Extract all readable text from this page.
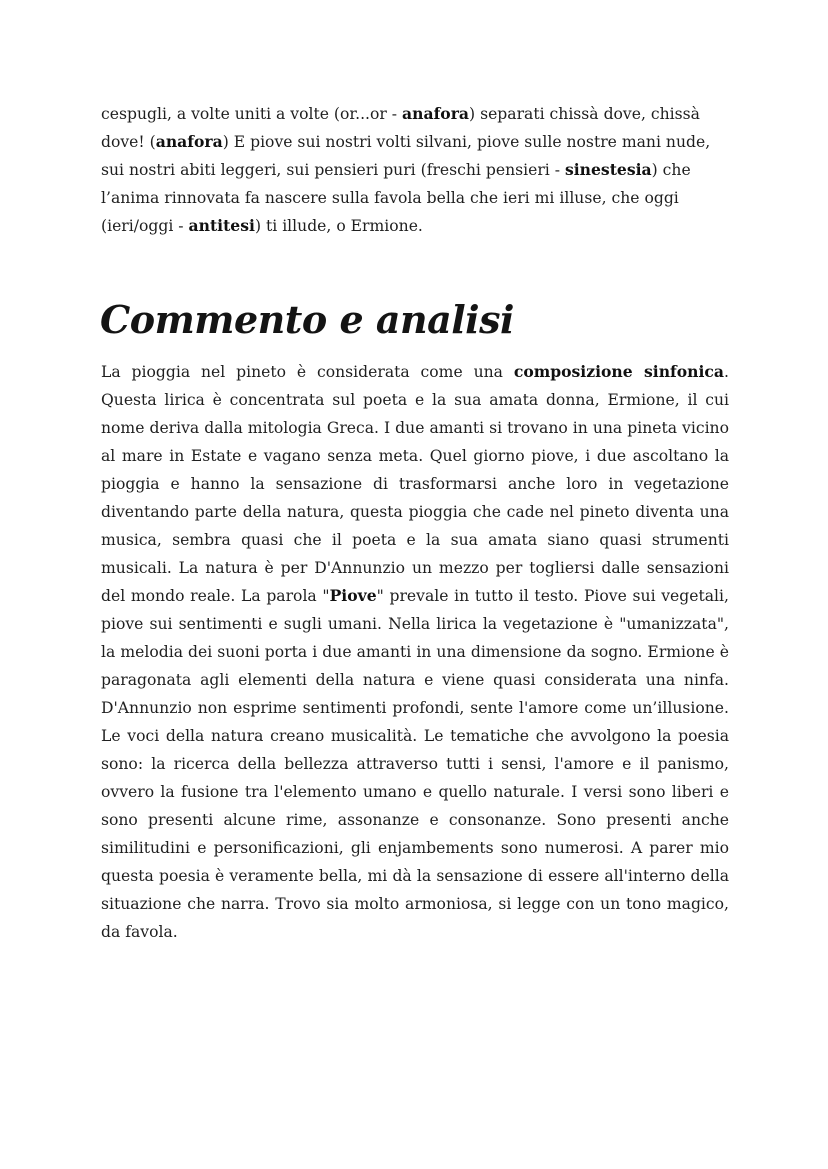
cespugli, a volte uniti a volte (or...or - anafora) separati chissà dove, chissà dove! (anafora) E piove sui nostri volti silvani, piove sulle nostre mani nude, sui nostri abiti leggeri, sui pensieri puri (freschi pensieri - sinestesia) che l’anima rinnovata fa nascere sulla favola bella che ieri mi illuse, che oggi (ieri/oggi - antitesi) ti illude, o Ermione.

Commento e analisi

La pioggia nel pineto è considerata come una composizione sinfonica. Questa lirica è concentrata sul poeta e la sua amata donna, Ermione, il cui nome deriva dalla mitologia Greca. I due amanti si trovano in una pineta vicino al mare in Estate e vagano senza meta. Quel giorno piove, i due ascoltano la pioggia e hanno la sensazione di trasformarsi anche loro in vegetazione diventando parte della natura, questa pioggia che cade nel pineto diventa una musica, sembra quasi che il poeta e la sua amata siano quasi strumenti musicali. La natura è per D'Annunzio un mezzo per togliersi dalle sensazioni del mondo reale. La parola "Piove" prevale in tutto il testo. Piove sui vegetali, piove sui sentimenti e sugli umani. Nella lirica la vegetazione è "umanizzata", la melodia dei suoni porta i due amanti in una dimensione da sogno. Ermione è paragonata agli elementi della natura e viene quasi considerata una ninfa. D'Annunzio non esprime sentimenti profondi, sente l'amore come un’illusione. Le voci della natura creano musicalità. Le tematiche che avvolgono la poesia sono: la ricerca della bellezza attraverso tutti i sensi, l'amore e il panismo, ovvero la fusione tra l'elemento umano e quello naturale. I versi sono liberi e sono presenti alcune rime, assonanze e consonanze. Sono presenti anche similitudini e personificazioni, gli enjambements sono numerosi. A parer mio questa poesia è veramente bella, mi dà la sensazione di essere all'interno della situazione che narra. Trovo sia molto armoniosa, si legge con un tono magico, da favola.
